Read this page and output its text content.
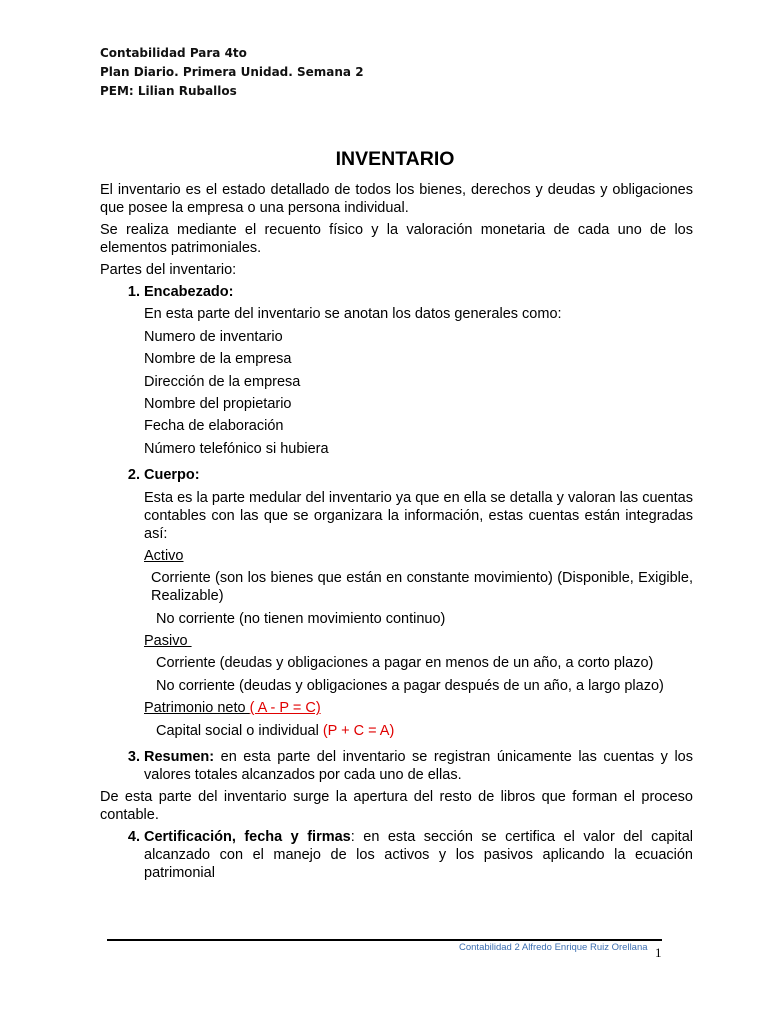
Contabilidad Para 4to
Plan Diario. Primera Unidad. Semana 2
PEM: Lilian Ruballos
INVENTARIO

El inventario es el estado detallado de todos los bienes, derechos y deudas y obligaciones que posee la empresa o una persona individual.

Se realiza mediante el recuento físico y la valoración monetaria de cada uno de los elementos patrimoniales.

Partes del inventario:

1. Encabezado:
En esta parte del inventario se anotan los datos generales como:
Numero de inventario
Nombre de la empresa
Dirección de la empresa
Nombre del propietario
Fecha de elaboración
Número telefónico si hubiera
2. Cuerpo:
Esta es la parte medular del inventario ya que en ella se detalla y valoran las cuentas contables con las que se organizara la información, estas cuentas están integradas así:
Activo
Corriente (son los bienes que están en constante movimiento) (Disponible, Exigible, Realizable)
No corriente (no tienen movimiento continuo)
Pasivo
Corriente (deudas y obligaciones a pagar en menos de un año, a corto plazo)
No corriente (deudas y obligaciones a pagar después de un año, a largo plazo)
Patrimonio neto ( A - P = C)
Capital social o individual (P + C = A)
3. Resumen: en esta parte del inventario se registran únicamente las cuentas y los valores totales alcanzados por cada uno de ellas.

De esta parte del inventario surge la apertura del resto de libros que forman el proceso contable.

4. Certificación, fecha y firmas: en esta sección se certifica el valor del capital alcanzado con el manejo de los activos y los pasivos aplicando la ecuación patrimonial
Contabilidad 2 Alfredo Enrique Ruiz Orellana 1
